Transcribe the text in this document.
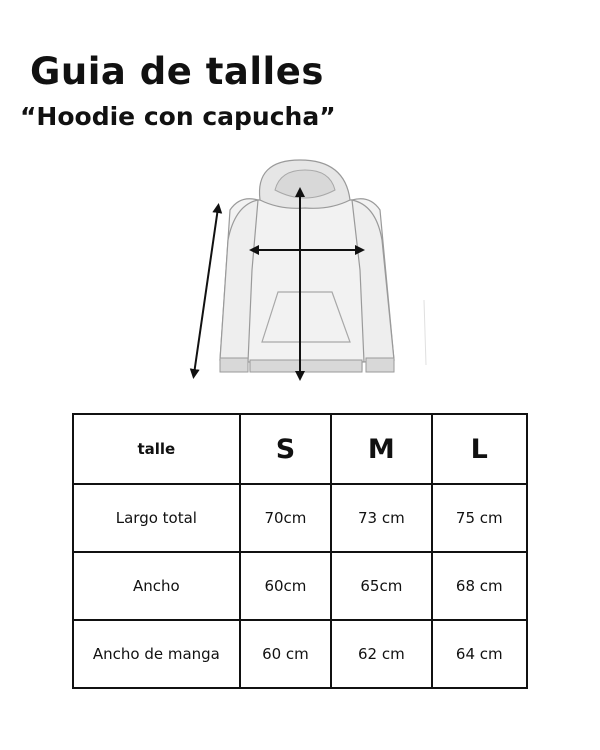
Guia de talles
“Hoodie con capucha”
talle	S	M	L
Largo total	70cm	73 cm	75 cm
Ancho	60cm	65cm	68 cm
Ancho de manga	60 cm	62 cm	64 cm
